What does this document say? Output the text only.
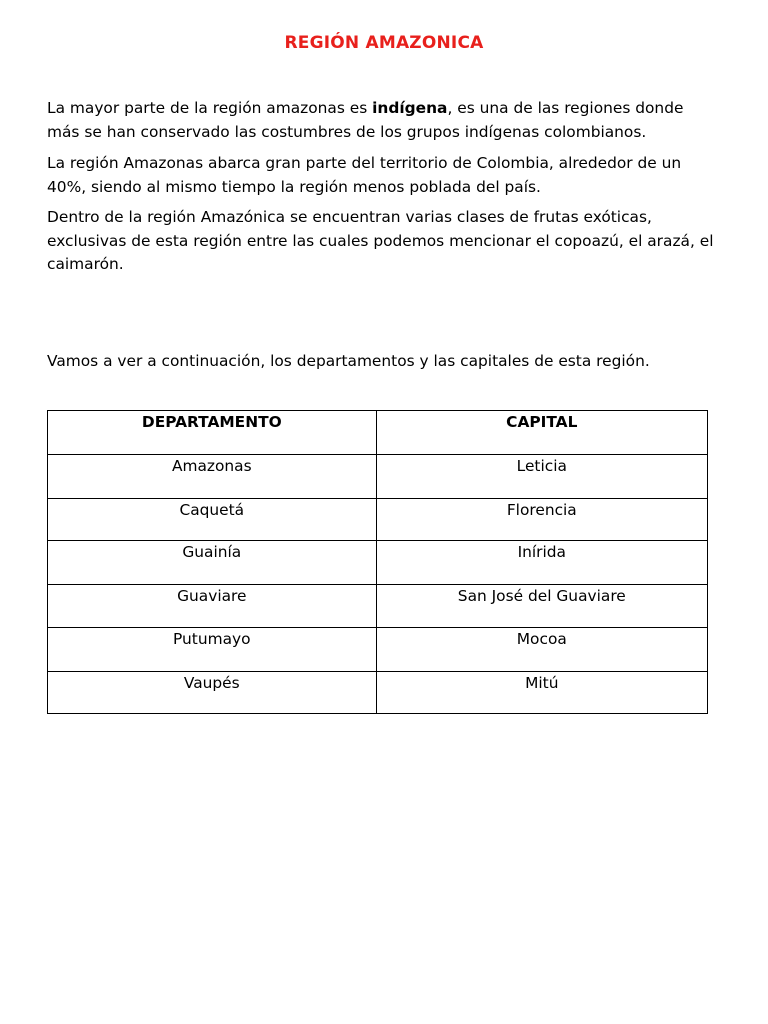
REGIÓN AMAZONICA

La mayor parte de la región amazonas es indígena, es una de las regiones donde más se han conservado las costumbres de los grupos indígenas colombianos.

La región Amazonas abarca gran parte del territorio de Colombia, alrededor de un 40%, siendo al mismo tiempo la región menos poblada del país.

Dentro de la región Amazónica se encuentran varias clases de frutas exóticas, exclusivas de esta región entre las cuales podemos mencionar el copoazú, el arazá, el caimarón.

Vamos a ver a continuación, los departamentos y las capitales de esta región.

DEPARTAMENTO	CAPITAL
Amazonas	Leticia
Caquetá	Florencia
Guainía	Inírida
Guaviare	San José del Guaviare
Putumayo	Mocoa
Vaupés	Mitú
